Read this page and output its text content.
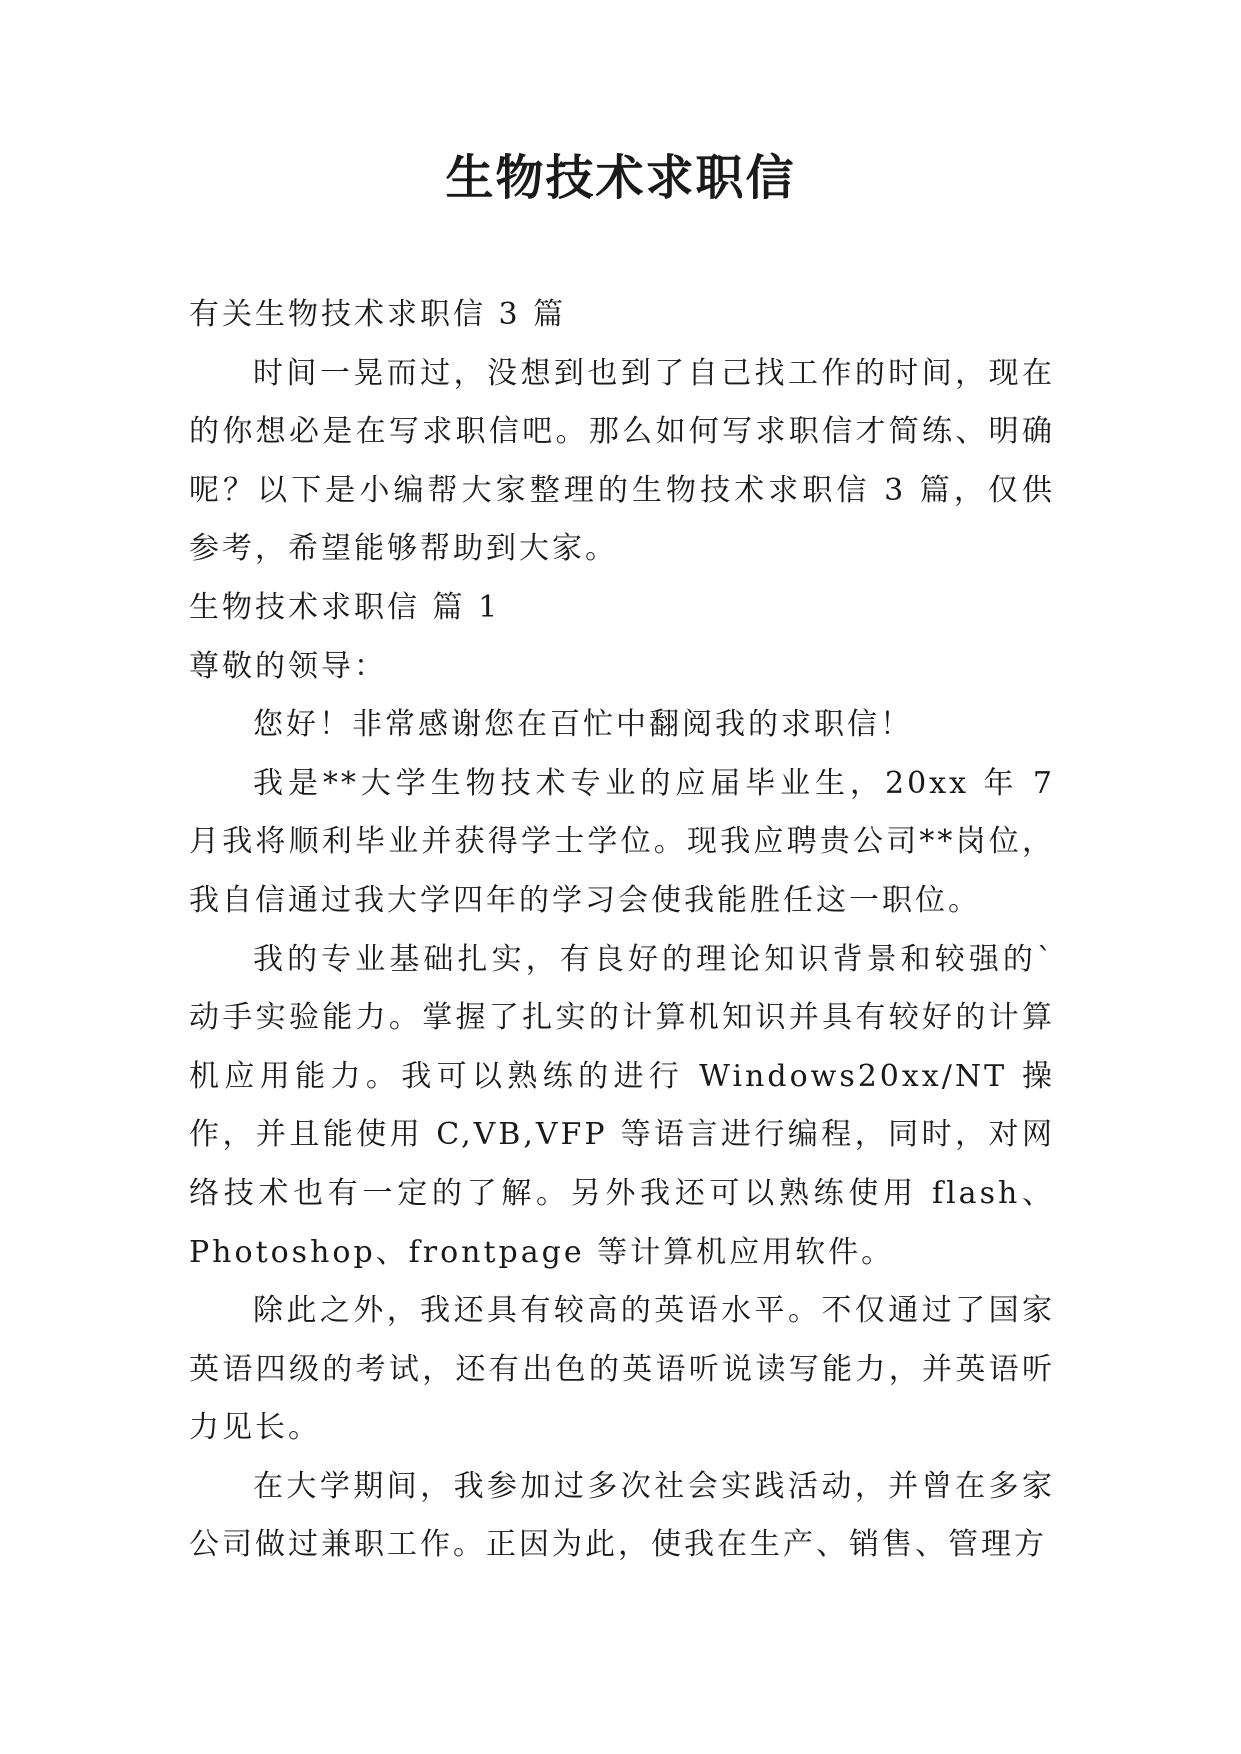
生物技术求职信

有关生物技术求职信 3 篇

时间一晃而过，没想到也到了自己找工作的时间，现在的你想必是在写求职信吧。那么如何写求职信才简练、明确呢？以下是小编帮大家整理的生物技术求职信 3 篇，仅供参考，希望能够帮助到大家。

生物技术求职信 篇 1

尊敬的领导：

您好！非常感谢您在百忙中翻阅我的求职信！

我是**大学生物技术专业的应届毕业生，20xx 年 7 月我将顺利毕业并获得学士学位。现我应聘贵公司**岗位，我自信通过我大学四年的学习会使我能胜任这一职位。

我的专业基础扎实，有良好的理论知识背景和较强的`动手实验能力。掌握了扎实的计算机知识并具有较好的计算机应用能力。我可以熟练的进行 Windows20xx/NT 操作，并且能使用 C,VB,VFP 等语言进行编程，同时，对网络技术也有一定的了解。另外我还可以熟练使用 flash、Photoshop、frontpage 等计算机应用软件。

除此之外，我还具有较高的英语水平。不仅通过了国家英语四级的考试，还有出色的英语听说读写能力，并英语听力见长。

在大学期间，我参加过多次社会实践活动，并曾在多家公司做过兼职工作。正因为此，使我在生产、销售、管理方
